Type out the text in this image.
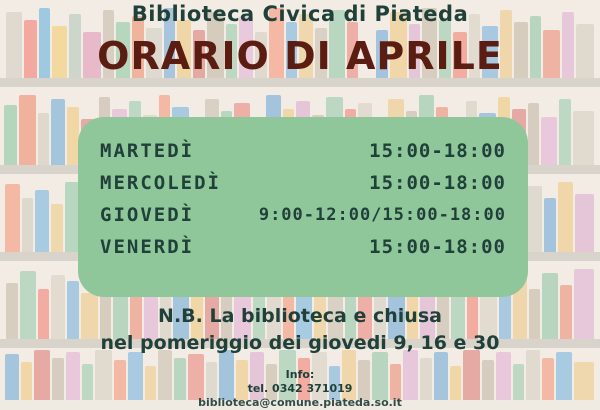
Biblioteca Civica di Piateda
ORARIO DI APRILE
MARTEDÌ	15:00-18:00
MERCOLEDÌ	15:00-18:00
GIOVEDÌ	9:00-12:00/15:00-18:00
VENERDÌ	15:00-18:00
N.B. La biblioteca e chiusa
nel pomeriggio dei giovedi 9, 16 e 30
Info:
tel. 0342 371019
biblioteca@comune.piateda.so.it
